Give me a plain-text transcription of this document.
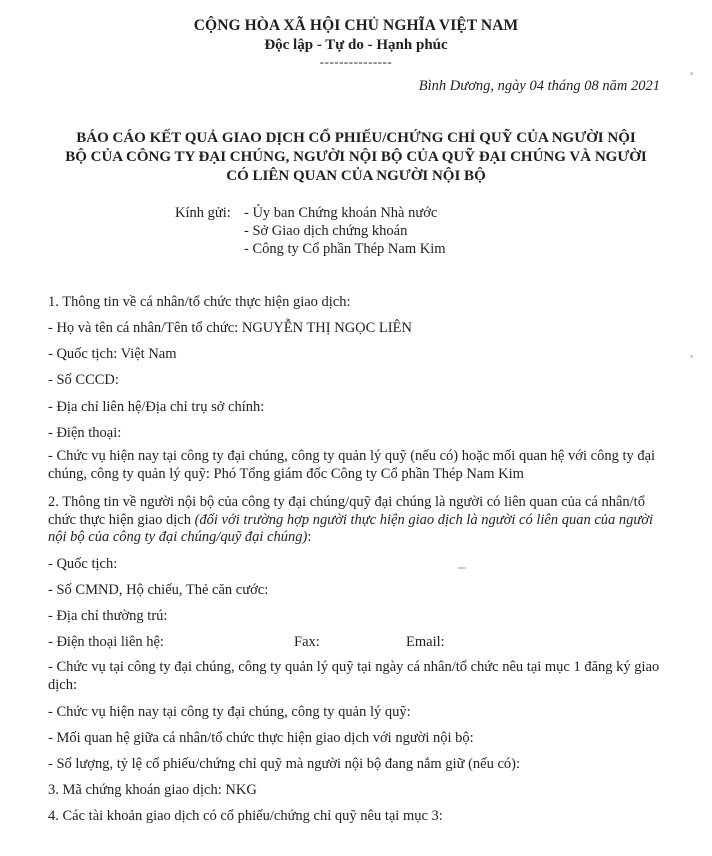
CỘNG HÒA XÃ HỘI CHỦ NGHĨA VIỆT NAM
Độc lập - Tự do - Hạnh phúc
---------------
Bình Dương, ngày 04 tháng 08 năm 2021
BÁO CÁO KẾT QUẢ GIAO DỊCH CỔ PHIẾU/CHỨNG CHỈ QUỸ CỦA NGƯỜI NỘI
BỘ CỦA CÔNG TY ĐẠI CHÚNG, NGƯỜI NỘI BỘ CỦA QUỸ ĐẠI CHÚNG VÀ NGƯỜI
CÓ LIÊN QUAN CỦA NGƯỜI NỘI BỘ
Kính gửi: - Ủy ban Chứng khoán Nhà nước
- Sở Giao dịch chứng khoán
- Công ty Cổ phần Thép Nam Kim
1. Thông tin về cá nhân/tổ chức thực hiện giao dịch:
- Họ và tên cá nhân/Tên tổ chức: NGUYỄN THỊ NGỌC LIÊN
- Quốc tịch: Việt Nam
- Số CCCD:
- Địa chỉ liên hệ/Địa chỉ trụ sở chính:
- Điện thoại:
- Chức vụ hiện nay tại công ty đại chúng, công ty quản lý quỹ (nếu có) hoặc mối quan hệ với công ty đại chúng, công ty quản lý quỹ: Phó Tổng giám đốc Công ty Cổ phần Thép Nam Kim
2. Thông tin về người nội bộ của công ty đại chúng/quỹ đại chúng là người có liên quan của cá nhân/tổ chức thực hiện giao dịch (đối với trường hợp người thực hiện giao dịch là người có liên quan của người nội bộ của công ty đại chúng/quỹ đại chúng):
- Quốc tịch:
- Số CMND, Hộ chiếu, Thẻ căn cước:
- Địa chỉ thường trú:
- Điện thoại liên hệ:	Fax:	Email:
- Chức vụ tại công ty đại chúng, công ty quản lý quỹ tại ngày cá nhân/tổ chức nêu tại mục 1 đăng ký giao dịch:
- Chức vụ hiện nay tại công ty đại chúng, công ty quản lý quỹ:
- Mối quan hệ giữa cá nhân/tổ chức thực hiện giao dịch với người nội bộ:
- Số lượng, tỷ lệ cổ phiếu/chứng chỉ quỹ mà người nội bộ đang nắm giữ (nếu có):
3. Mã chứng khoán giao dịch: NKG
4. Các tài khoản giao dịch có cổ phiếu/chứng chỉ quỹ nêu tại mục 3:
